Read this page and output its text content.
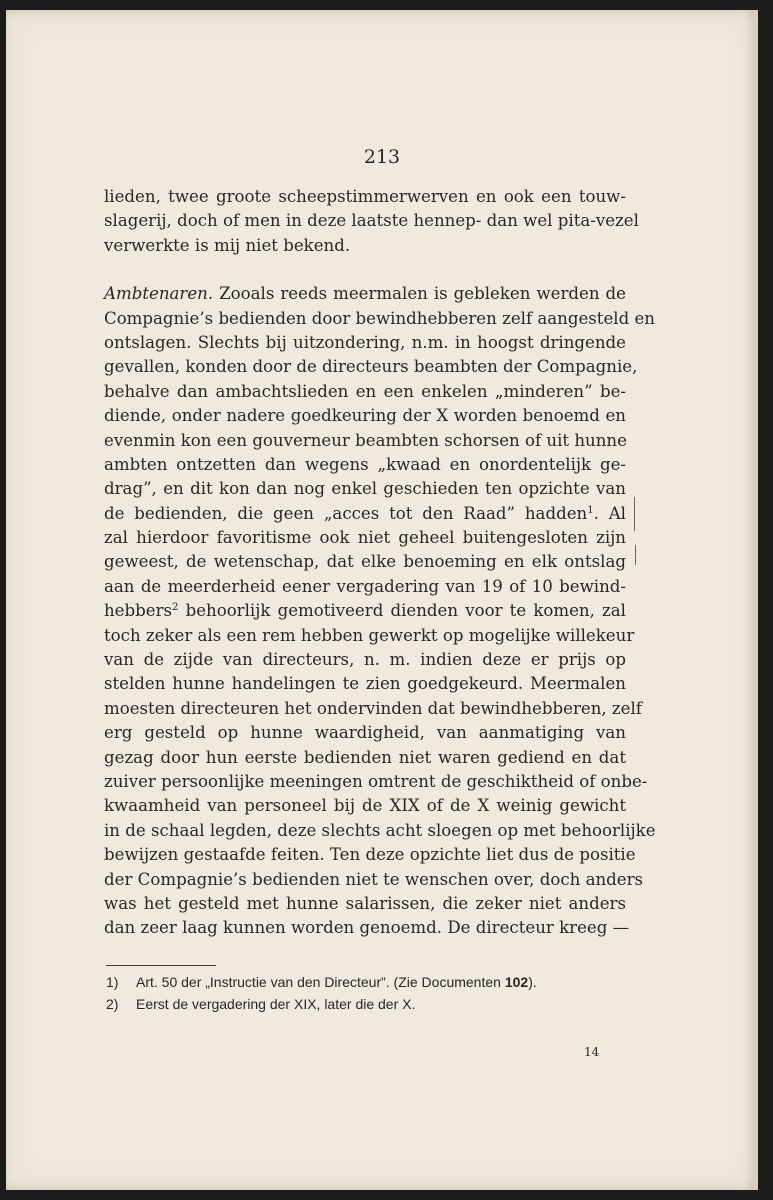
213
lieden, twee groote scheepstimmerwerven en ook een touw-
slagerij, doch of men in deze laatste hennep- dan wel pita-vezel
verwerkte is mij niet bekend.
Ambtenaren. Zooals reeds meermalen is gebleken werden de
Compagnie’s bedienden door bewindhebberen zelf aangesteld en
ontslagen. Slechts bij uitzondering, n.m. in hoogst dringende
gevallen, konden door de directeurs beambten der Compagnie,
behalve dan ambachtslieden en een enkelen „minderen” be-
diende, onder nadere goedkeuring der X worden benoemd en
evenmin kon een gouverneur beambten schorsen of uit hunne
ambten ontzetten dan wegens „kwaad en onordentelijk ge-
drag”, en dit kon dan nog enkel geschieden ten opzichte van
de bedienden, die geen „acces tot den Raad” hadden$^1$. Al
zal hierdoor favoritisme ook niet geheel buitengesloten zijn
geweest, de wetenschap, dat elke benoeming en elk ontslag
aan de meerderheid eener vergadering van 19 of 10 bewind-
hebbers$^2$ behoorlijk gemotiveerd dienden voor te komen, zal
toch zeker als een rem hebben gewerkt op mogelijke willekeur
van de zijde van directeurs, n. m. indien deze er prijs op
stelden hunne handelingen te zien goedgekeurd. Meermalen
moesten directeuren het ondervinden dat bewindhebberen, zelf
erg gesteld op hunne waardigheid, van aanmatiging van
gezag door hun eerste bedienden niet waren gediend en dat
zuiver persoonlijke meeningen omtrent de geschiktheid of onbe-
kwaamheid van personeel bij de XIX of de X weinig gewicht
in de schaal legden, deze slechts acht sloegen op met behoorlijke
bewijzen gestaafde feiten. Ten deze opzichte liet dus de positie
der Compagnie’s bedienden niet te wenschen over, doch anders
was het gesteld met hunne salarissen, die zeker niet anders
dan zeer laag kunnen worden genoemd. De directeur kreeg —
1) Art. 50 der „Instructie van den Directeur”. (Zie Documenten 102).
2) Eerst de vergadering der XIX, later die der X.
14
